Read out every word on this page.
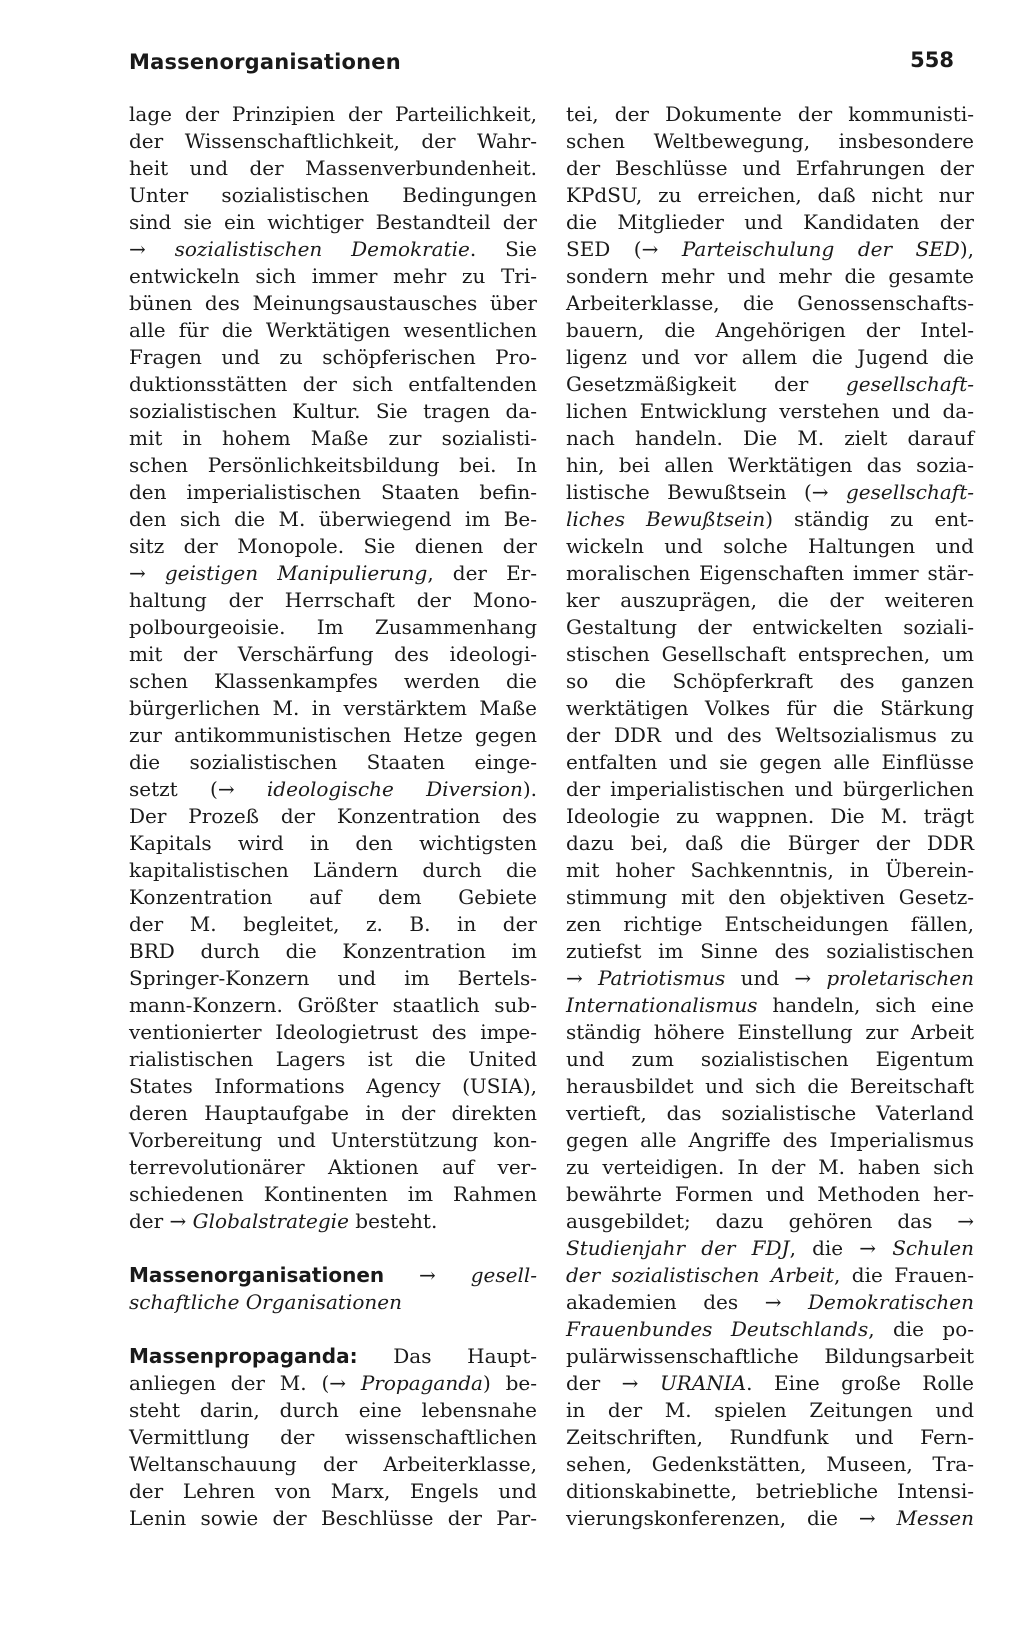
Massenorganisationen	558
lage der Prinzipien der Parteilichkeit,
der Wissenschaftlichkeit, der Wahr-
heit und der Massenverbundenheit.
Unter sozialistischen Bedingungen
sind sie ein wichtiger Bestandteil der
→ sozialistischen Demokratie. Sie
entwickeln sich immer mehr zu Tri-
bünen des Meinungsaustausches über
alle für die Werktätigen wesentlichen
Fragen und zu schöpferischen Pro-
duktionsstätten der sich entfaltenden
sozialistischen Kultur. Sie tragen da-
mit in hohem Maße zur sozialisti-
schen Persönlichkeitsbildung bei. In
den imperialistischen Staaten befin-
den sich die M. überwiegend im Be-
sitz der Monopole. Sie dienen der
→ geistigen Manipulierung, der Er-
haltung der Herrschaft der Mono-
polbourgeoisie. Im Zusammenhang
mit der Verschärfung des ideologi-
schen Klassenkampfes werden die
bürgerlichen M. in verstärktem Maße
zur antikommunistischen Hetze gegen
die sozialistischen Staaten einge-
setzt (→ ideologische Diversion).
Der Prozeß der Konzentration des
Kapitals wird in den wichtigsten
kapitalistischen Ländern durch die
Konzentration auf dem Gebiete
der M. begleitet, z. B. in der
BRD durch die Konzentration im
Springer-Konzern und im Bertels-
mann-Konzern. Größter staatlich sub-
ventionierter Ideologietrust des impe-
rialistischen Lagers ist die United
States Informations Agency (USIA),
deren Hauptaufgabe in der direkten
Vorbereitung und Unterstützung kon-
terrevolutionärer Aktionen auf ver-
schiedenen Kontinenten im Rahmen
der → Globalstrategie besteht.
Massenorganisationen → gesell-
schaftliche Organisationen
Massenpropaganda: Das Haupt-
anliegen der M. (→ Propaganda) be-
steht darin, durch eine lebensnahe
Vermittlung der wissenschaftlichen
Weltanschauung der Arbeiterklasse,
der Lehren von Marx, Engels und
Lenin sowie der Beschlüsse der Par-
tei, der Dokumente der kommunisti-
schen Weltbewegung, insbesondere
der Beschlüsse und Erfahrungen der
KPdSU, zu erreichen, daß nicht nur
die Mitglieder und Kandidaten der
SED (→ Parteischulung der SED),
sondern mehr und mehr die gesamte
Arbeiterklasse, die Genossenschafts-
bauern, die Angehörigen der Intel-
ligenz und vor allem die Jugend die
Gesetzmäßigkeit der gesellschaft-
lichen Entwicklung verstehen und da-
nach handeln. Die M. zielt darauf
hin, bei allen Werktätigen das sozia-
listische Bewußtsein (→ gesellschaft-
liches Bewußtsein) ständig zu ent-
wickeln und solche Haltungen und
moralischen Eigenschaften immer stär-
ker auszuprägen, die der weiteren
Gestaltung der entwickelten soziali-
stischen Gesellschaft entsprechen, um
so die Schöpferkraft des ganzen
werktätigen Volkes für die Stärkung
der DDR und des Weltsozialismus zu
entfalten und sie gegen alle Einflüsse
der imperialistischen und bürgerlichen
Ideologie zu wappnen. Die M. trägt
dazu bei, daß die Bürger der DDR
mit hoher Sachkenntnis, in Überein-
stimmung mit den objektiven Gesetz-
zen richtige Entscheidungen fällen,
zutiefst im Sinne des sozialistischen
→ Patriotismus und → proletarischen
Internationalismus handeln, sich eine
ständig höhere Einstellung zur Arbeit
und zum sozialistischen Eigentum
herausbildet und sich die Bereitschaft
vertieft, das sozialistische Vaterland
gegen alle Angriffe des Imperialismus
zu verteidigen. In der M. haben sich
bewährte Formen und Methoden her-
ausgebildet; dazu gehören das →
Studienjahr der FDJ, die → Schulen
der sozialistischen Arbeit, die Frauen-
akademien des → Demokratischen
Frauenbundes Deutschlands, die po-
pulärwissenschaftliche Bildungsarbeit
der → URANIA. Eine große Rolle
in der M. spielen Zeitungen und
Zeitschriften, Rundfunk und Fern-
sehen, Gedenkstätten, Museen, Tra-
ditionskabinette, betriebliche Intensi-
vierungskonferenzen, die → Messen
